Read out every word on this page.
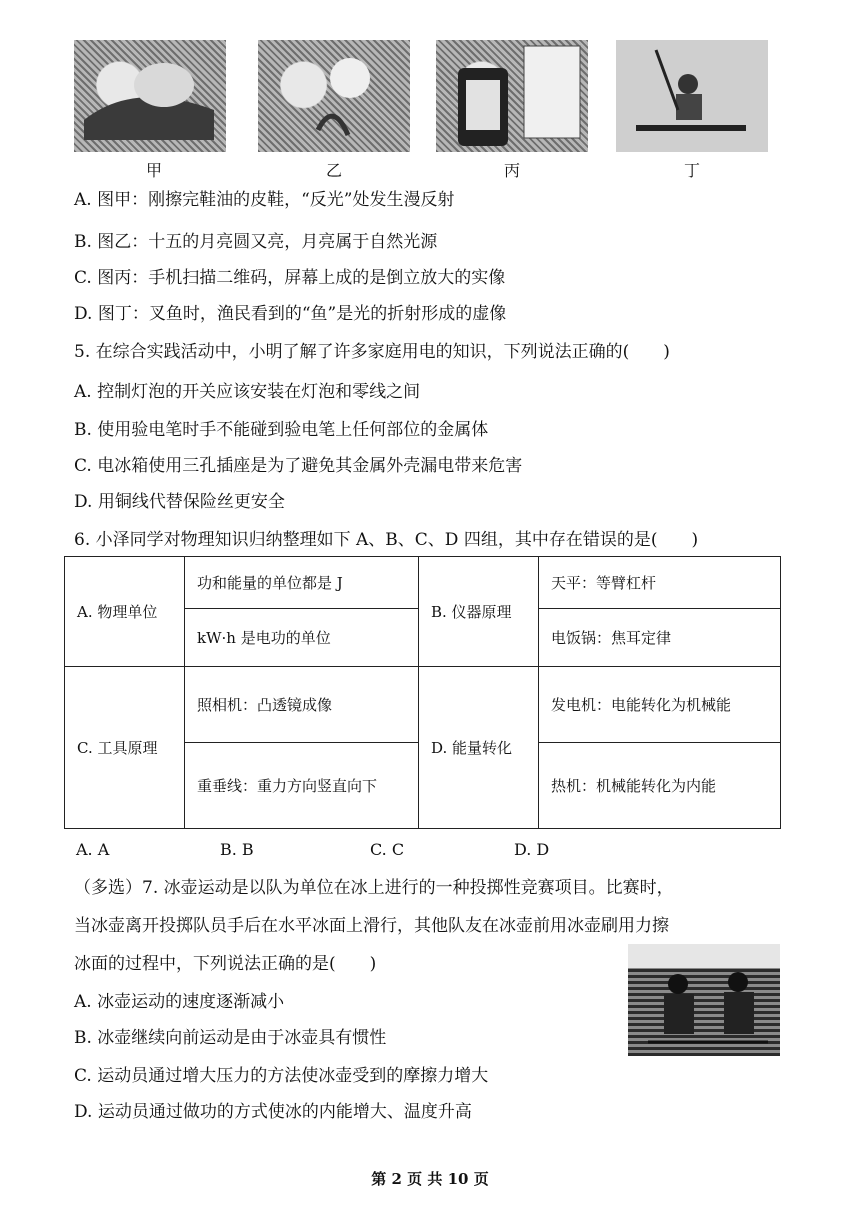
甲	乙	丙	丁
A. 图甲：刚擦完鞋油的皮鞋，“反光”处发生漫反射
B. 图乙：十五的月亮圆又亮，月亮属于自然光源
C. 图丙：手机扫描二维码，屏幕上成的是倒立放大的实像
D. 图丁：叉鱼时，渔民看到的“鱼”是光的折射形成的虚像
5. 在综合实践活动中，小明了解了许多家庭用电的知识，下列说法正确的(　　)
A. 控制灯泡的开关应该安装在灯泡和零线之间
B. 使用验电笔时手不能碰到验电笔上任何部位的金属体
C. 电冰箱使用三孔插座是为了避免其金属外壳漏电带来危害
D. 用铜线代替保险丝更安全
6. 小泽同学对物理知识归纳整理如下 A、B、C、D 四组，其中存在错误的是(　　)
A. 物理单位	功和能量的单位都是 J	B. 仪器原理	天平：等臂杠杆
	kW·h 是电功的单位		电饭锅：焦耳定律
C. 工具原理	照相机：凸透镜成像	D. 能量转化	发电机：电能转化为机械能
	重垂线：重力方向竖直向下		热机：机械能转化为内能
A. A	B. B	C. C	D. D
（多选）7. 冰壶运动是以队为单位在冰上进行的一种投掷性竞赛项目。比赛时，
当冰壶离开投掷队员手后在水平冰面上滑行，其他队友在冰壶前用冰壶刷用力擦
冰面的过程中，下列说法正确的是(　　)
A. 冰壶运动的速度逐渐减小
B. 冰壶继续向前运动是由于冰壶具有惯性
C. 运动员通过增大压力的方法使冰壶受到的摩擦力增大
D. 运动员通过做功的方式使冰的内能增大、温度升高
第 2 页 共 10 页
